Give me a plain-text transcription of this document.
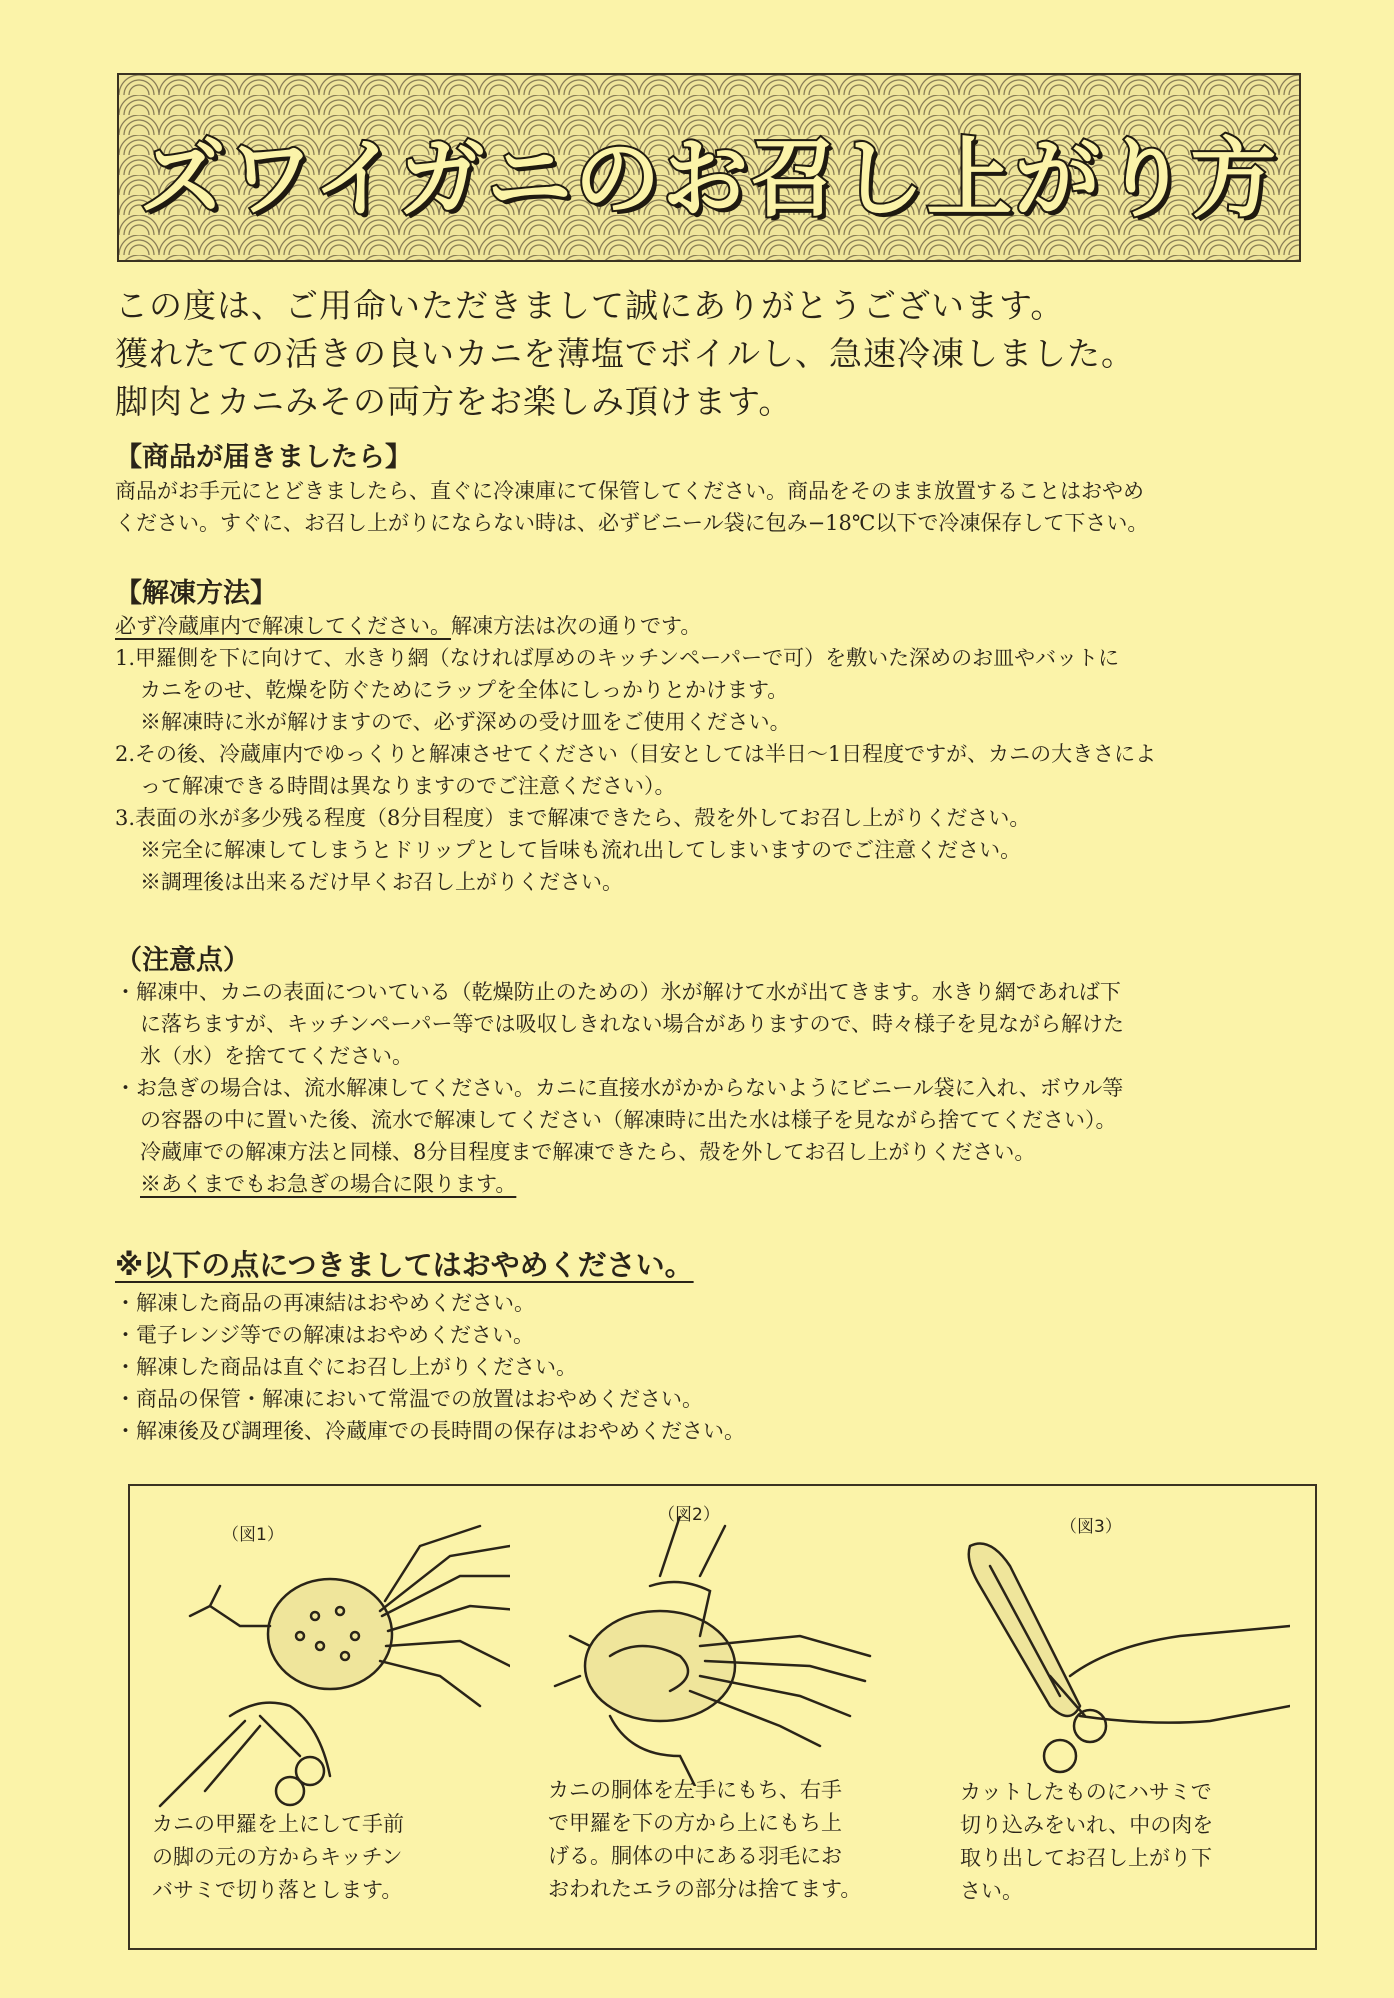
ズワイガニのお召し上がり方
この度は、ご用命いただきまして誠にありがとうございます。
獲れたての活きの良いカニを薄塩でボイルし、急速冷凍しました。
脚肉とカニみその両方をお楽しみ頂けます。
【商品が届きましたら】
商品がお手元にとどきましたら、直ぐに冷凍庫にて保管してください。商品をそのまま放置することはおやめ
ください。すぐに、お召し上がりにならない時は、必ずビニール袋に包み−18℃以下で冷凍保存して下さい。
【解凍方法】
必ず冷蔵庫内で解凍してください。解凍方法は次の通りです。
1.甲羅側を下に向けて、水きり網（なければ厚めのキッチンペーパーで可）を敷いた深めのお皿やバットに
カニをのせ、乾燥を防ぐためにラップを全体にしっかりとかけます。
※解凍時に氷が解けますので、必ず深めの受け皿をご使用ください。
2.その後、冷蔵庫内でゆっくりと解凍させてください（目安としては半日〜1日程度ですが、カニの大きさによ
って解凍できる時間は異なりますのでご注意ください）。
3.表面の氷が多少残る程度（8分目程度）まで解凍できたら、殻を外してお召し上がりください。
※完全に解凍してしまうとドリップとして旨味も流れ出してしまいますのでご注意ください。
※調理後は出来るだけ早くお召し上がりください。
（注意点）
・解凍中、カニの表面についている（乾燥防止のための）氷が解けて水が出てきます。水きり網であれば下
に落ちますが、キッチンペーパー等では吸収しきれない場合がありますので、時々様子を見ながら解けた
氷（水）を捨ててください。
・お急ぎの場合は、流水解凍してください。カニに直接水がかからないようにビニール袋に入れ、ボウル等
の容器の中に置いた後、流水で解凍してください（解凍時に出た水は様子を見ながら捨ててください）。
冷蔵庫での解凍方法と同様、8分目程度まで解凍できたら、殻を外してお召し上がりください。
※あくまでもお急ぎの場合に限ります。
※以下の点につきましてはおやめください。
・解凍した商品の再凍結はおやめください。
・電子レンジ等での解凍はおやめください。
・解凍した商品は直ぐにお召し上がりください。
・商品の保管・解凍において常温での放置はおやめください。
・解凍後及び調理後、冷蔵庫での長時間の保存はおやめください。
（図1）
カニの甲羅を上にして手前
の脚の元の方からキッチン
バサミで切り落とします。
（図2）
カニの胴体を左手にもち、右手
で甲羅を下の方から上にもち上
げる。胴体の中にある羽毛にお
おわれたエラの部分は捨てます。
（図3）
カットしたものにハサミで
切り込みをいれ、中の肉を
取り出してお召し上がり下
さい。
